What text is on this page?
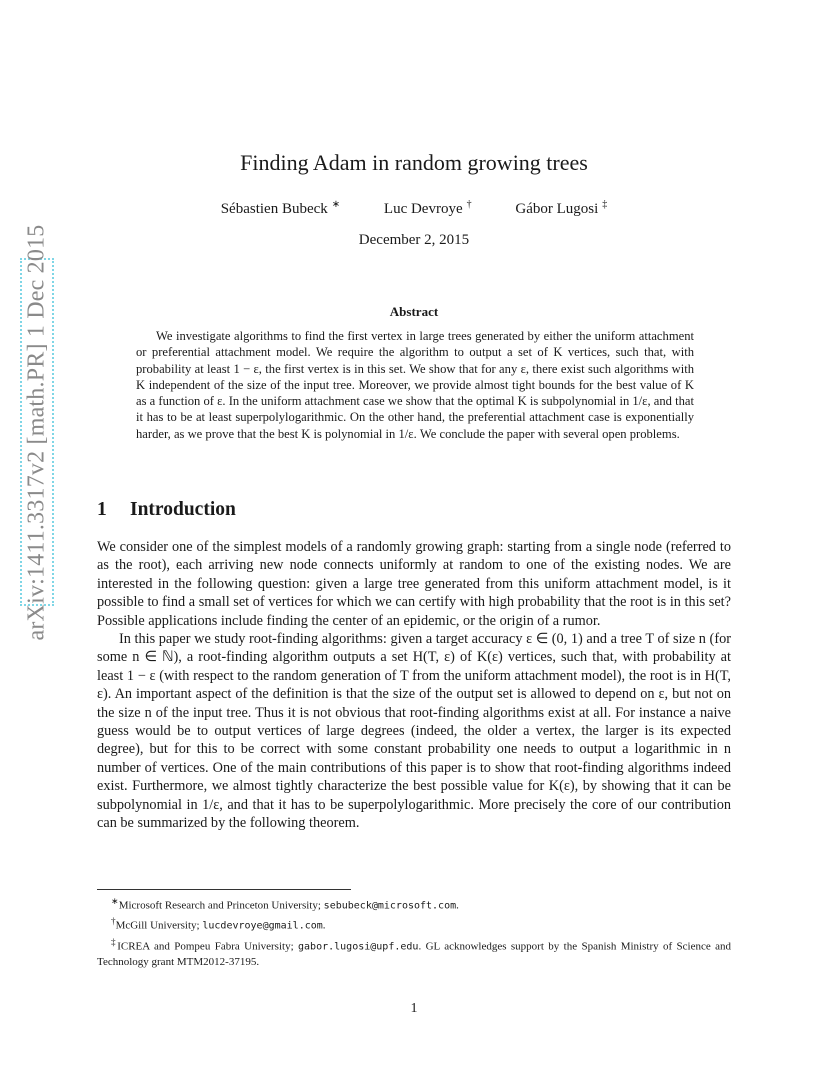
arXiv:1411.3317v2 [math.PR] 1 Dec 2015
Finding Adam in random growing trees
Sébastien Bubeck ∗	Luc Devroye †	Gábor Lugosi ‡
December 2, 2015
Abstract
We investigate algorithms to find the first vertex in large trees generated by either the uniform attachment or preferential attachment model. We require the algorithm to output a set of K vertices, such that, with probability at least 1 − ε, the first vertex is in this set. We show that for any ε, there exist such algorithms with K independent of the size of the input tree. Moreover, we provide almost tight bounds for the best value of K as a function of ε. In the uniform attachment case we show that the optimal K is subpolynomial in 1/ε, and that it has to be at least superpolylogarithmic. On the other hand, the preferential attachment case is exponentially harder, as we prove that the best K is polynomial in 1/ε. We conclude the paper with several open problems.
1 Introduction

We consider one of the simplest models of a randomly growing graph: starting from a single node (referred to as the root), each arriving new node connects uniformly at random to one of the existing nodes. We are interested in the following question: given a large tree generated from this uniform attachment model, is it possible to find a small set of vertices for which we can certify with high probability that the root is in this set? Possible applications include finding the center of an epidemic, or the origin of a rumor.

In this paper we study root-finding algorithms: given a target accuracy ε ∈ (0, 1) and a tree T of size n (for some n ∈ ℕ), a root-finding algorithm outputs a set H(T, ε) of K(ε) vertices, such that, with probability at least 1 − ε (with respect to the random generation of T from the uniform attachment model), the root is in H(T, ε). An important aspect of the definition is that the size of the output set is allowed to depend on ε, but not on the size n of the input tree. Thus it is not obvious that root-finding algorithms exist at all. For instance a naive guess would be to output vertices of large degrees (indeed, the older a vertex, the larger is its expected degree), but for this to be correct with some constant probability one needs to output a logarithmic in n number of vertices. One of the main contributions of this paper is to show that root-finding algorithms indeed exist. Furthermore, we almost tightly characterize the best possible value for K(ε), by showing that it can be subpolynomial in 1/ε, and that it has to be superpolylogarithmic. More precisely the core of our contribution can be summarized by the following theorem.

∗Microsoft Research and Princeton University; sebubeck@microsoft.com.

†McGill University; lucdevroye@gmail.com.

‡ICREA and Pompeu Fabra University; gabor.lugosi@upf.edu. GL acknowledges support by the Spanish Ministry of Science and Technology grant MTM2012-37195.

1
